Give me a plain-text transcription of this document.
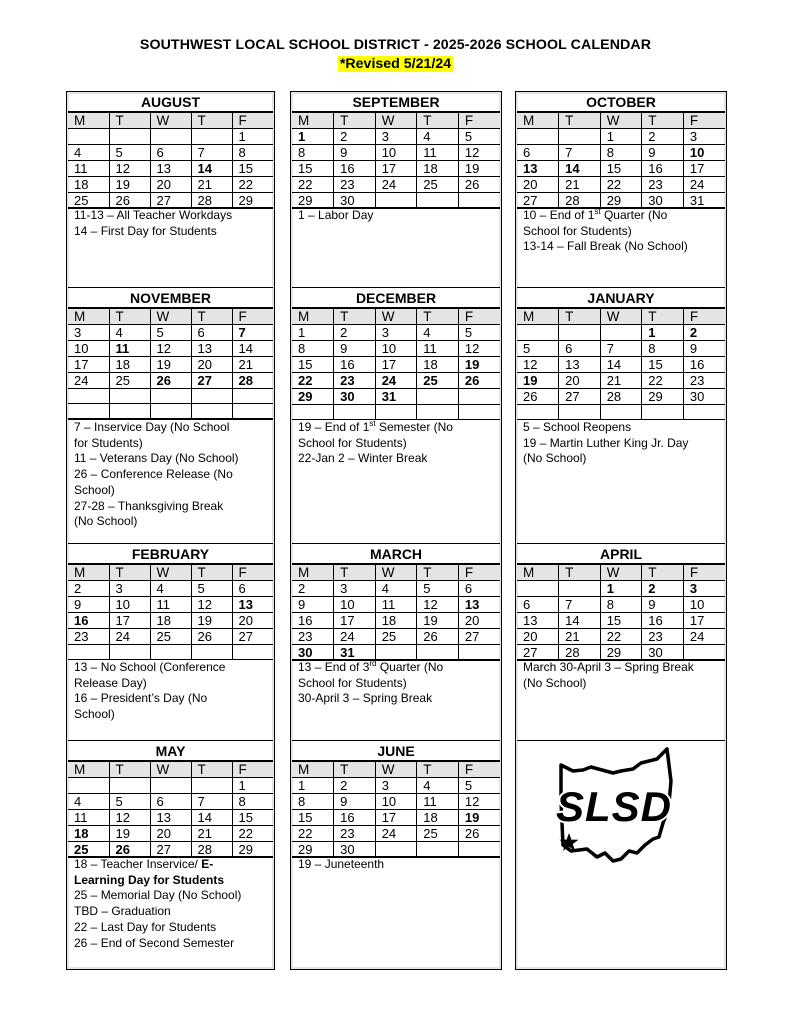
SOUTHWEST LOCAL SCHOOL DISTRICT - 2025-2026 SCHOOL CALENDAR
*Revised 5/21/24
AUGUST
M	T	W	T	F
				1
4	5	6	7	8
11	12	13	14	15
18	19	20	21	22
25	26	27	28	29

11-13 – All Teacher Workdays

14 – First Day for Students

SEPTEMBER
M	T	W	T	F
1	2	3	4	5
8	9	10	11	12
15	16	17	18	19
22	23	24	25	26
29	30			

1 – Labor Day

OCTOBER
M	T	W	T	F
		1	2	3
6	7	8	9	10
13	14	15	16	17
20	21	22	23	24
27	28	29	30	31

10 – End of 1st Quarter (No

School for Students)

13-14 – Fall Break (No School)

NOVEMBER
M	T	W	T	F
3	4	5	6	7
10	11	12	13	14
17	18	19	20	21
24	25	26	27	28

7 – Inservice Day (No School

for Students)

11 – Veterans Day (No School)

26 – Conference Release (No

School)

27-28 – Thanksgiving Break

(No School)

DECEMBER
M	T	W	T	F
1	2	3	4	5
8	9	10	11	12
15	16	17	18	19
22	23	24	25	26
29	30	31		

19 – End of 1st Semester (No

School for Students)

22-Jan 2 – Winter Break

JANUARY
M	T	W	T	F
			1	2
5	6	7	8	9
12	13	14	15	16
19	20	21	22	23
26	27	28	29	30

5 – School Reopens

19 – Martin Luther King Jr. Day

(No School)

FEBRUARY
M	T	W	T	F
2	3	4	5	6
9	10	11	12	13
16	17	18	19	20
23	24	25	26	27

13 – No School (Conference

Release Day)

16 – President’s Day (No

School)

MARCH
M	T	W	T	F
2	3	4	5	6
9	10	11	12	13
16	17	18	19	20
23	24	25	26	27
30	31			

13 – End of 3rd Quarter (No

School for Students)

30-April 3 – Spring Break

APRIL
M	T	W	T	F
		1	2	3
6	7	8	9	10
13	14	15	16	17
20	21	22	23	24
27	28	29	30	

March 30-April 3 – Spring Break

(No School)

MAY
M	T	W	T	F
				1
4	5	6	7	8
11	12	13	14	15
18	19	20	21	22
25	26	27	28	29

18 – Teacher Inservice/ E-

Learning Day for Students

25 – Memorial Day (No School)

TBD – Graduation

22 – Last Day for Students

26 – End of Second Semester

JUNE
M	T	W	T	F
1	2	3	4	5
8	9	10	11	12
15	16	17	18	19
22	23	24	25	26
29	30			

19 – Juneteenth

SLSD
